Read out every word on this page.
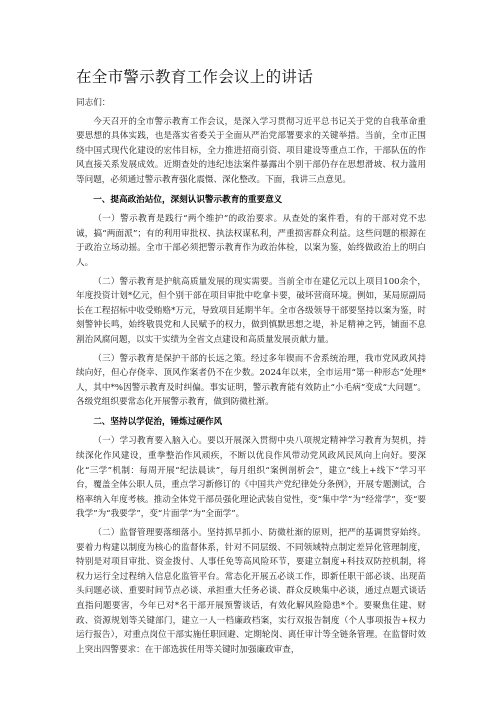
在全市警示教育工作会议上的讲话
同志们：

今天召开的全市警示教育工作会议，是深入学习贯彻习近平总书记关于党的自我革命重要思想的具体实践，也是落实省委关于全面从严治党部署要求的关键举措。当前，全市正围绕中国式现代化建设的宏伟目标，全力推进招商引资、项目建设等重点工作，干部队伍的作风直接关系发展成效。近期查处的违纪违法案件暴露出个别干部仍存在思想滑坡、权力滥用等问题，必须通过警示教育强化震慑、深化整改。下面，我讲三点意见。

一、提高政治站位，深刻认识警示教育的重要意义

（一）警示教育是践行“两个维护”的政治要求。从查处的案件看，有的干部对党不忠诚，搞“两面派”；有的利用审批权、执法权谋私利，严重损害群众利益。这些问题的根源在于政治立场动摇。全市干部必须把警示教育作为政治体检，以案为鉴，始终做政治上的明白人。

（二）警示教育是护航高质量发展的现实需要。当前全市在建亿元以上项目100余个，年度投资计划*亿元，但个别干部在项目审批中吃拿卡要，破坏营商环境。例如，某局原副局长在工程招标中收受贿赂*万元，导致项目延期半年。全市各级领导干部要坚持以案为鉴，时刻警钟长鸣，始终敬畏党和人民赋予的权力，做到慎默思想之堤，补足精神之钙，铺面不息割治风腐问题，以实干实绩为全省文点建设和高质量发展贡献力量。

（三）警示教育是保护干部的长远之策。经过多年锲而不舍系统治理，我市党风政风持续向好，但心存侥幸、顶风作案者仍不在少数。2024年以来，全市运用“第一种形态”处理*人，其中*%因警示教育及时纠偏。事实证明，警示教育能有效防止“小毛病”变成“大问题”。各级党组织要常态化开展警示教育，做到防微杜渐。

二、坚持以学促治，锤炼过硬作风

（一）学习教育要入脑入心。要以开展深入贯彻中央八项规定精神学习教育为契机，持续深化作风建设，重拳整治作风顽疾，不断以优良作风带动党风政风民风向上向好。要深化“三学”机制：每周开展“纪法晨读”，每月组织“案例剖析会”，建立“线上+线下”学习平台，覆盖全体公职人员，重点学习新修订的《中国共产党纪律处分条例》，开展专题测试，合格率纳入年度考核。推动全体党干部员强化理论武装自觉性，变“集中学”为“经常学”，变“要我学”为“我要学”，变“片面学”为“全面学”。

（二）监督管理要落细落小。坚持抓早抓小、防微杜渐的原则，把严的基调贯穿始终。要着力构建以制度为核心的监督体系，针对不同层级、不同领域特点制定差异化管理制度，特别是对项目审批、资金拨付、人事任免等高风险环节，要建立制度+科技双防控机制，将权力运行全过程纳入信息化监管平台。常态化开展五必谈工作，即新任职干部必谈、出现苗头问题必谈、重要时间节点必谈、承担重大任务必谈、群众反映集中必谈，通过点题式谈话直指问题要害，今年已对*名干部开展预警谈话，有效化解风险隐患*个。要聚焦住建、财政、资源规划等关键部门，建立一人一档廉政档案，实行双报告制度（个人事项报告+权力运行报告），对重点岗位干部实施任职回避、定期轮岗、离任审计等全链条管理。在监督时效上突出四警要求：在干部选拔任用等关键时加强廉政审查，
